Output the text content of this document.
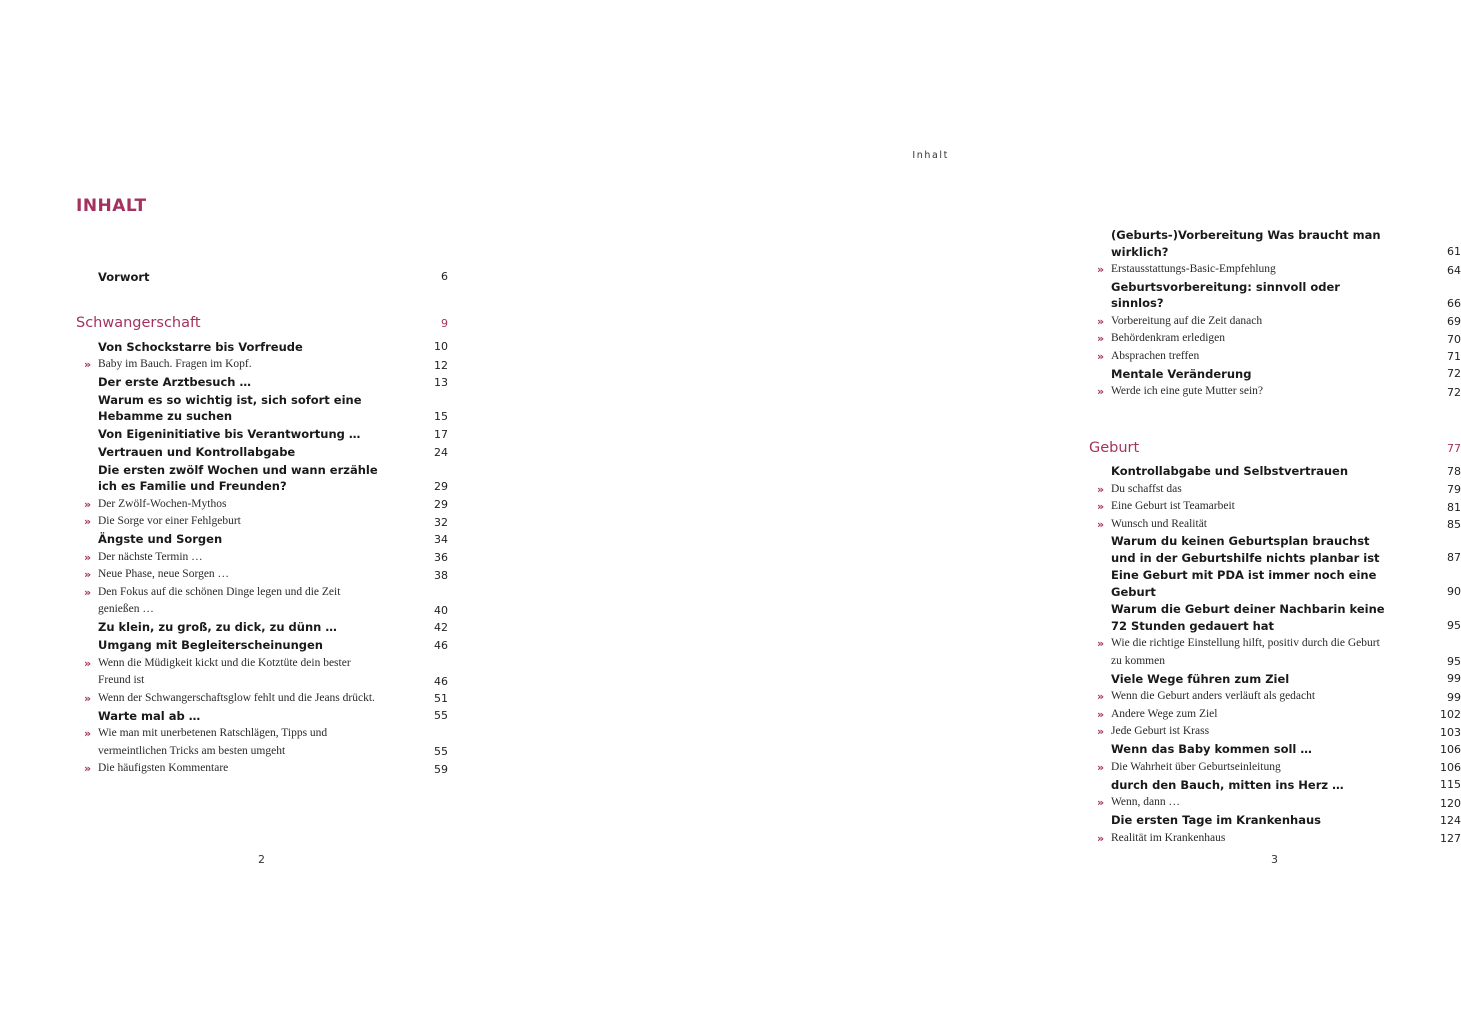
INHALT
Vorwort	6
Schwangerschaft	9
Von Schockstarre bis Vorfreude	10
» Baby im Bauch. Fragen im Kopf.	12
Der erste Arztbesuch …	13
Warum es so wichtig ist, sich sofort eine Hebamme zu suchen	15
Von Eigeninitiative bis Verantwortung …	17
Vertrauen und Kontrollabgabe	24
Die ersten zwölf Wochen und wann erzähle ich es Familie und Freunden?	29
» Der Zwölf-Wochen-Mythos	29
» Die Sorge vor einer Fehlgeburt	32
Ängste und Sorgen	34
» Der nächste Termin …	36
» Neue Phase, neue Sorgen …	38
» Den Fokus auf die schönen Dinge legen und die Zeit genießen …	40
Zu klein, zu groß, zu dick, zu dünn …	42
Umgang mit Begleiterscheinungen	46
» Wenn die Müdigkeit kickt und die Kotztüte dein bester Freund ist	46
» Wenn der Schwangerschaftsglow fehlt und die Jeans drückt.	51
Warte mal ab …	55
» Wie man mit unerbetenen Ratschlägen, Tipps und vermeintlichen Tricks am besten umgeht	55
» Die häufigsten Kommentare	59
2
Inhalt
(Geburts-)Vorbereitung Was braucht man wirklich?	61
» Erstausstattungs-Basic-Empfehlung	64
Geburtsvorbereitung: sinnvoll oder sinnlos?	66
» Vorbereitung auf die Zeit danach	69
» Behördenkram erledigen	70
» Absprachen treffen	71
Mentale Veränderung	72
» Werde ich eine gute Mutter sein?	72
Geburt	77
Kontrollabgabe und Selbstvertrauen	78
» Du schaffst das	79
» Eine Geburt ist Teamarbeit	81
» Wunsch und Realität	85
Warum du keinen Geburtsplan brauchst und in der Geburtshilfe nichts planbar ist	87
Eine Geburt mit PDA ist immer noch eine Geburt	90
Warum die Geburt deiner Nachbarin keine 72 Stunden gedauert hat	95
» Wie die richtige Einstellung hilft, positiv durch die Geburt zu kommen	95
Viele Wege führen zum Ziel	99
» Wenn die Geburt anders verläuft als gedacht	99
» Andere Wege zum Ziel	102
» Jede Geburt ist Krass	103
Wenn das Baby kommen soll …	106
» Die Wahrheit über Geburtseinleitung	106
durch den Bauch, mitten ins Herz …	115
» Wenn, dann …	120
Die ersten Tage im Krankenhaus	124
» Realität im Krankenhaus	127
3
